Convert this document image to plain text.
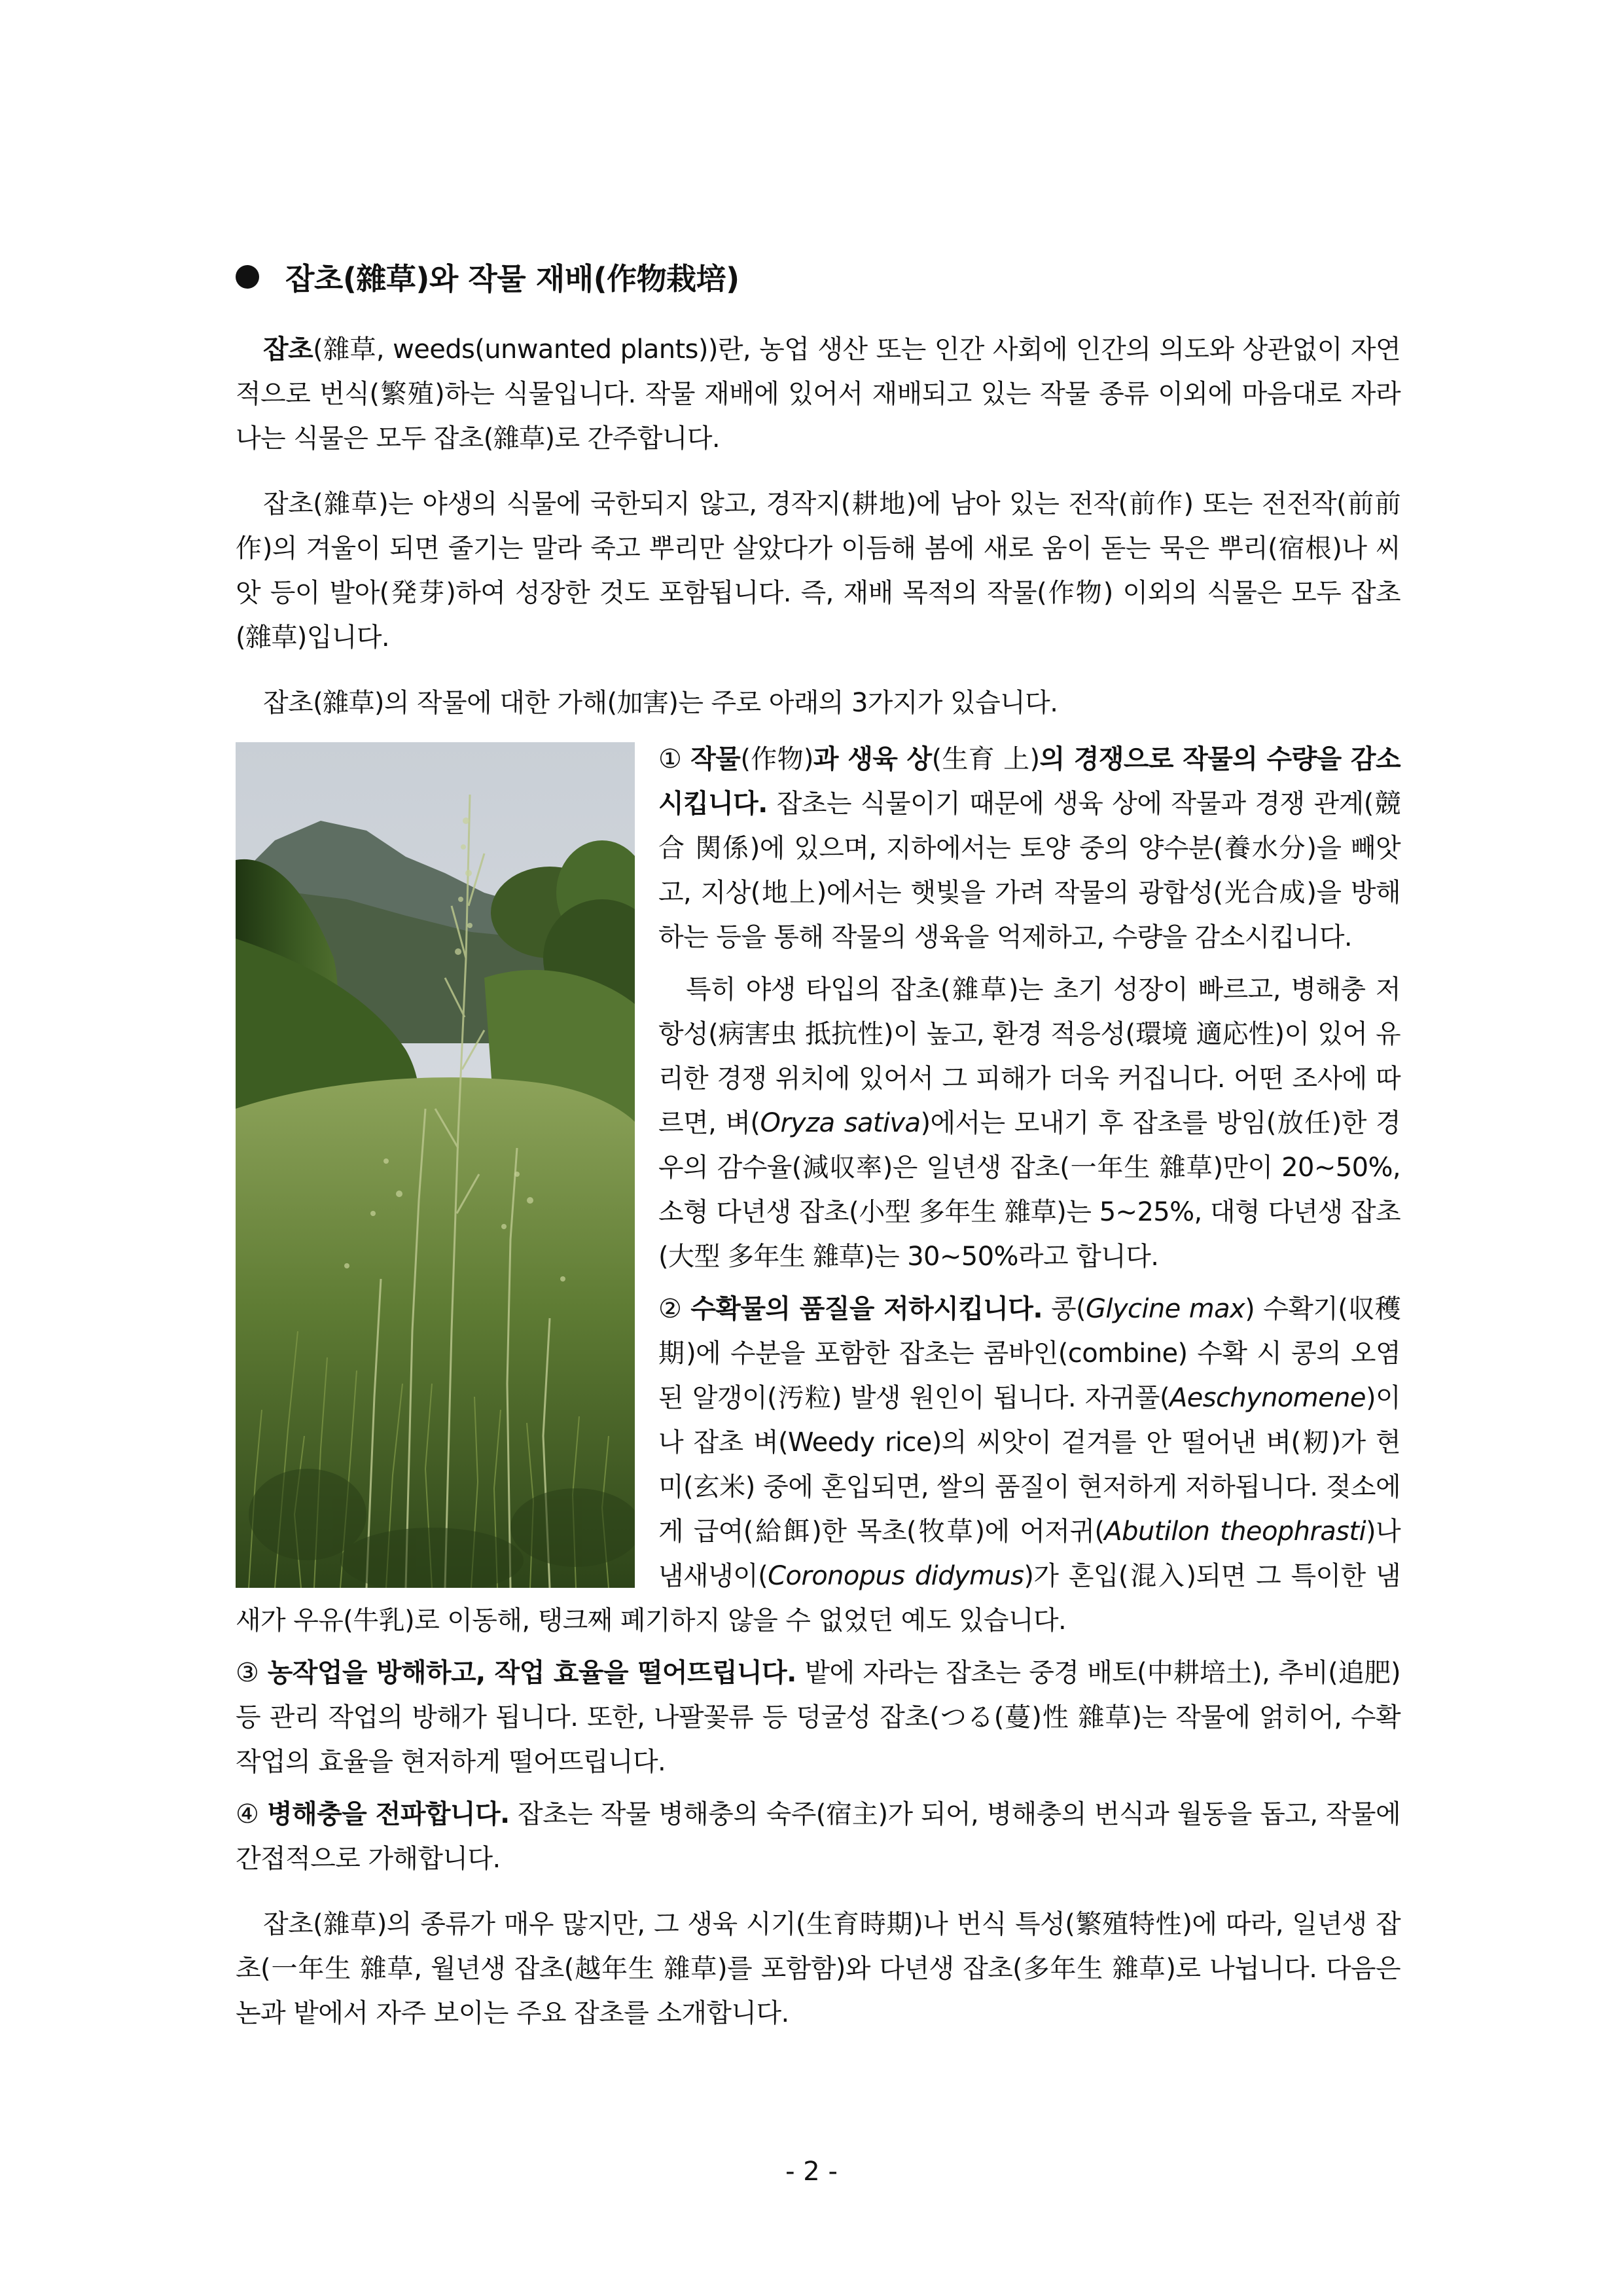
잡초(雜草)와 작물 재배(作物栽培)

잡초(雜草, weeds(unwanted plants))란, 농업 생산 또는 인간 사회에 인간의 의도와 상관없이 자연적으로 번식(繁殖)하는 식물입니다. 작물 재배에 있어서 재배되고 있는 작물 종류 이외에 마음대로 자라나는 식물은 모두 잡초(雜草)로 간주합니다.

잡초(雜草)는 야생의 식물에 국한되지 않고, 경작지(耕地)에 남아 있는 전작(前作) 또는 전전작(前前作)의 겨울이 되면 줄기는 말라 죽고 뿌리만 살았다가 이듬해 봄에 새로 움이 돋는 묵은 뿌리(宿根)나 씨앗 등이 발아(発芽)하여 성장한 것도 포함됩니다. 즉, 재배 목적의 작물(作物) 이외의 식물은 모두 잡초(雜草)입니다.

잡초(雜草)의 작물에 대한 가해(加害)는 주로 아래의 3가지가 있습니다.

① 작물(作物)과 생육 상(生育 上)의 경쟁으로 작물의 수량을 감소시킵니다. 잡초는 식물이기 때문에 생육 상에 작물과 경쟁 관계(競合 関係)에 있으며, 지하에서는 토양 중의 양수분(養水分)을 빼앗고, 지상(地上)에서는 햇빛을 가려 작물의 광합성(光合成)을 방해하는 등을 통해 작물의 생육을 억제하고, 수량을 감소시킵니다.

특히 야생 타입의 잡초(雜草)는 초기 성장이 빠르고, 병해충 저항성(病害虫 抵抗性)이 높고, 환경 적응성(環境 適応性)이 있어 유리한 경쟁 위치에 있어서 그 피해가 더욱 커집니다. 어떤 조사에 따르면, 벼(Oryza sativa)에서는 모내기 후 잡초를 방임(放任)한 경우의 감수율(減収率)은 일년생 잡초(一年生 雜草)만이 20~50%, 소형 다년생 잡초(小型 多年生 雜草)는 5~25%, 대형 다년생 잡초(大型 多年生 雜草)는 30~50%라고 합니다.

② 수확물의 품질을 저하시킵니다. 콩(Glycine max) 수확기(収穫期)에 수분을 포함한 잡초는 콤바인(combine) 수확 시 콩의 오염된 알갱이(汚粒) 발생 원인이 됩니다. 자귀풀(Aeschynomene)이나 잡초 벼(Weedy rice)의 씨앗이 겉겨를 안 떨어낸 벼(籾)가 현미(玄米) 중에 혼입되면, 쌀의 품질이 현저하게 저하됩니다. 젖소에게 급여(給餌)한 목초(牧草)에 어저귀(Abutilon theophrasti)나 냄새냉이(Coronopus didymus)가 혼입(混入)되면 그 특이한 냄새가 우유(牛乳)로 이동해, 탱크째 폐기하지 않을 수 없었던 예도 있습니다.

③ 농작업을 방해하고, 작업 효율을 떨어뜨립니다. 밭에 자라는 잡초는 중경 배토(中耕培土), 추비(追肥) 등 관리 작업의 방해가 됩니다. 또한, 나팔꽃류 등 덩굴성 잡초(つる(蔓)性 雜草)는 작물에 얽히어, 수확 작업의 효율을 현저하게 떨어뜨립니다.

④ 병해충을 전파합니다. 잡초는 작물 병해충의 숙주(宿主)가 되어, 병해충의 번식과 월동을 돕고, 작물에 간접적으로 가해합니다.

잡초(雜草)의 종류가 매우 많지만, 그 생육 시기(生育時期)나 번식 특성(繁殖特性)에 따라, 일년생 잡초(一年生 雜草, 월년생 잡초(越年生 雜草)를 포함함)와 다년생 잡초(多年生 雜草)로 나뉩니다. 다음은 논과 밭에서 자주 보이는 주요 잡초를 소개합니다.

- 2 -
